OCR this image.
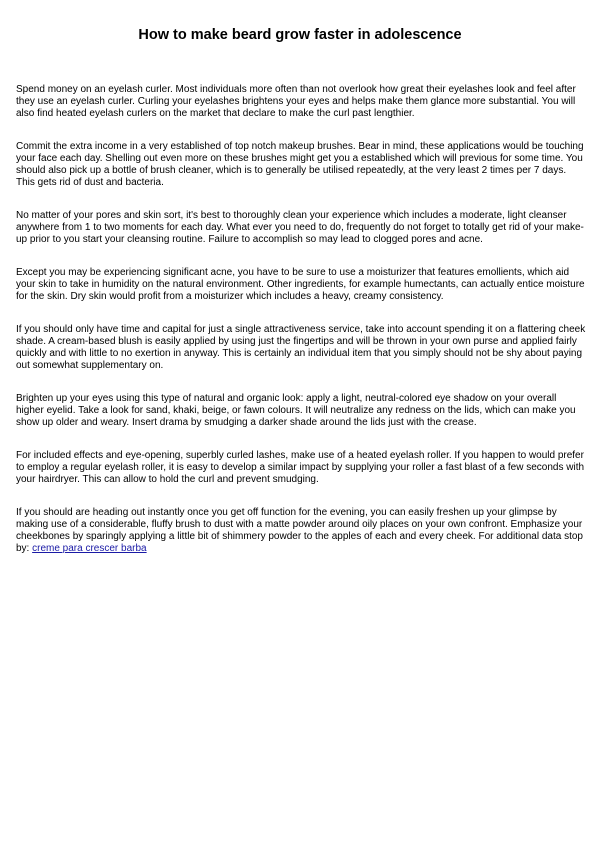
How to make beard grow faster in adolescence

Spend money on an eyelash curler. Most individuals more often than not overlook how great their eyelashes look and feel after they use an eyelash curler. Curling your eyelashes brightens your eyes and helps make them glance more substantial. You will also find heated eyelash curlers on the market that declare to make the curl past lengthier.

Commit the extra income in a very established of top notch makeup brushes. Bear in mind, these applications would be touching your face each day. Shelling out even more on these brushes might get you a established which will previous for some time. You should also pick up a bottle of brush cleaner, which is to generally be utilised repeatedly, at the very least 2 times per 7 days. This gets rid of dust and bacteria.

No matter of your pores and skin sort, it's best to thoroughly clean your experience which includes a moderate, light cleanser anywhere from 1 to two moments for each day. What ever you need to do, frequently do not forget to totally get rid of your make-up prior to you start your cleansing routine. Failure to accomplish so may lead to clogged pores and acne.

Except you may be experiencing significant acne, you have to be sure to use a moisturizer that features emollients, which aid your skin to take in humidity on the natural environment. Other ingredients, for example humectants, can actually entice moisture for the skin. Dry skin would profit from a moisturizer which includes a heavy, creamy consistency.

If you should only have time and capital for just a single attractiveness service, take into account spending it on a flattering cheek shade. A cream-based blush is easily applied by using just the fingertips and will be thrown in your own purse and applied fairly quickly and with little to no exertion in anyway. This is certainly an individual item that you simply should not be shy about paying out somewhat supplementary on.

Brighten up your eyes using this type of natural and organic look: apply a light, neutral-colored eye shadow on your overall higher eyelid. Take a look for sand, khaki, beige, or fawn colours. It will neutralize any redness on the lids, which can make you show up older and weary. Insert drama by smudging a darker shade around the lids just with the crease.

For included effects and eye-opening, superbly curled lashes, make use of a heated eyelash roller. If you happen to would prefer to employ a regular eyelash roller, it is easy to develop a similar impact by supplying your roller a fast blast of a few seconds with your hairdryer. This can allow to hold the curl and prevent smudging.

If you should are heading out instantly once you get off function for the evening, you can easily freshen up your glimpse by making use of a considerable, fluffy brush to dust with a matte powder around oily places on your own confront. Emphasize your cheekbones by sparingly applying a little bit of shimmery powder to the apples of each and every cheek. For additional data stop by: creme para crescer barba
